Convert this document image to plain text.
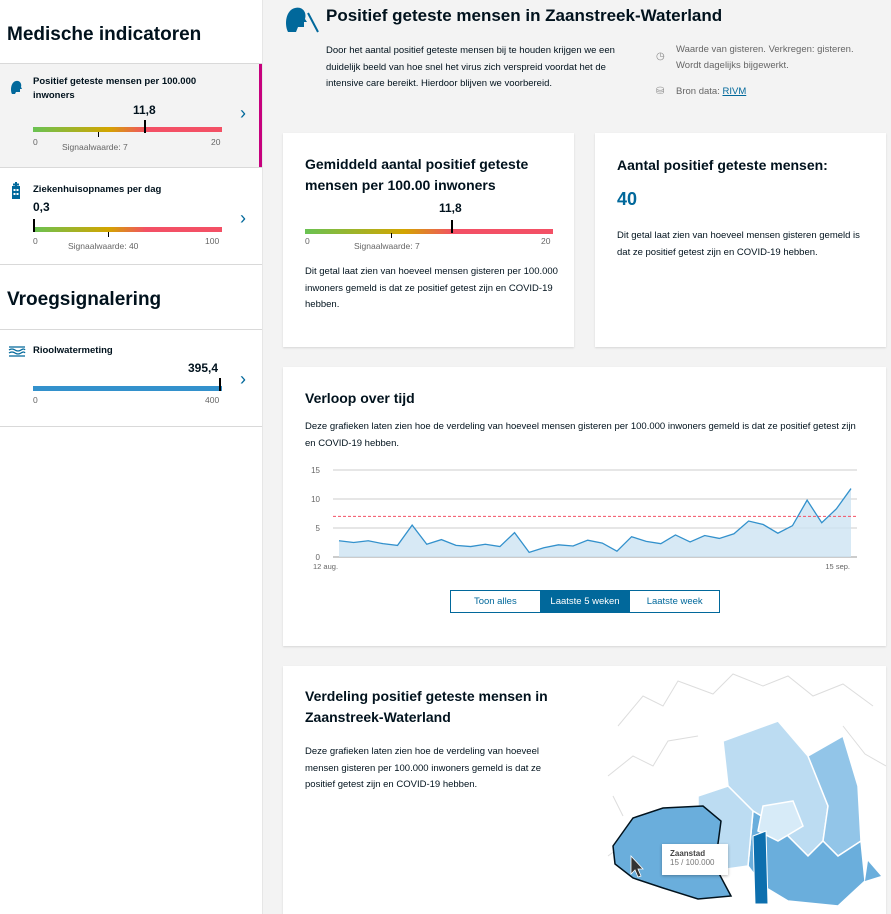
Medische indicatoren
Positief geteste mensen per 100.000 inwoners
11,8
0	Signaalwaarde: 7	20
›
Ziekenhuisopnames per dag
0,3
0	Signaalwaarde: 40	100
›
Vroegsignalering
Rioolwatermeting
395,4
0	400
›
Positief geteste mensen in Zaanstreek-Waterland
Door het aantal positief geteste mensen bij te houden krijgen we een duidelijk beeld van hoe snel het virus zich verspreid voordat het de intensive care bereikt. Hierdoor blijven we voorbereid.
◷
Waarde van gisteren. Verkregen: gisteren. Wordt dagelijks bijgewerkt.
⛁ Bron data: RIVM
Gemiddeld aantal positief geteste mensen per 100.00 inwoners
11,8
0	Signaalwaarde: 7	20
Dit getal laat zien van hoeveel mensen gisteren per 100.000 inwoners gemeld is dat ze positief getest zijn en COVID-19 hebben.
Aantal positief geteste mensen:
40
Dit getal laat zien van hoeveel mensen gisteren gemeld is dat ze positief getest zijn en COVID-19 hebben.
Verloop over tijd
Deze grafieken laten zien hoe de verdeling van hoeveel mensen gisteren per 100.000 inwoners gemeld is dat ze positief getest zijn en COVID-19 hebben.
0
5
10
15
12 aug.	15 sep.
Toon alles	Laatste 5 weken	Laatste week
Verdeling positief geteste mensen in Zaanstreek-Waterland
Deze grafieken laten zien hoe de verdeling van hoeveel mensen gisteren per 100.000 inwoners gemeld is dat ze positief getest zijn en COVID-19 hebben.
Zaanstad
15 / 100.000
